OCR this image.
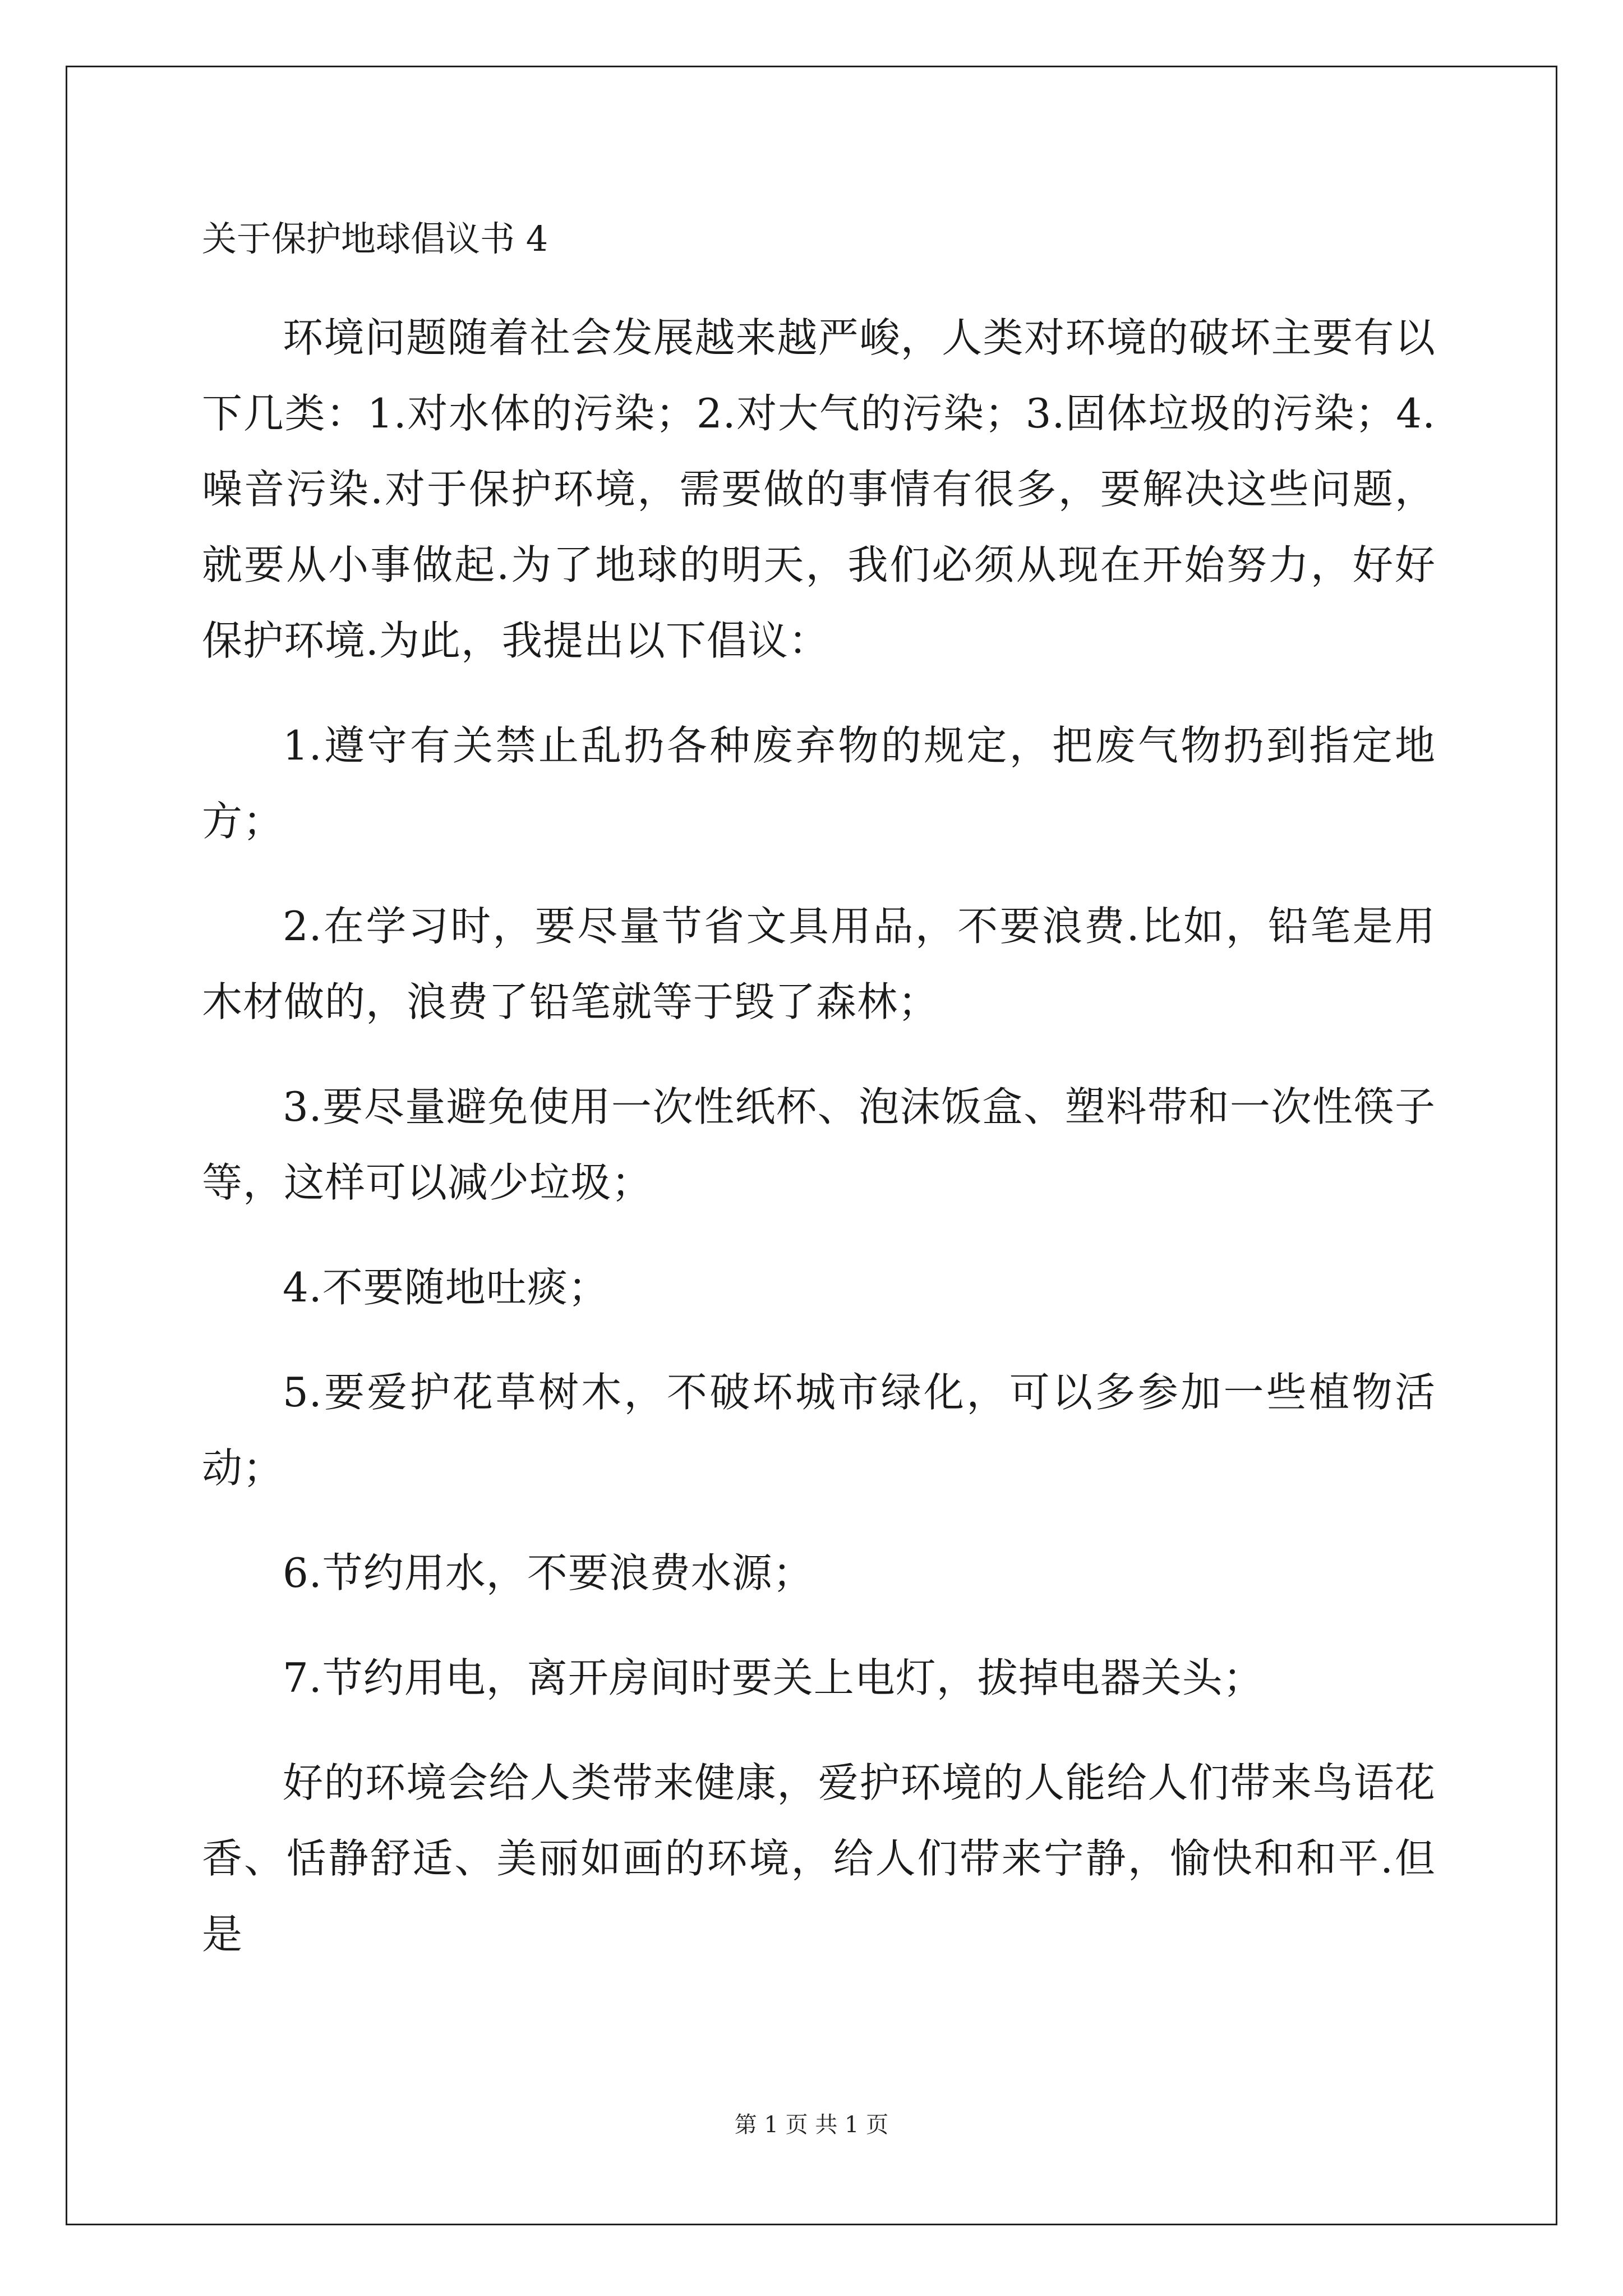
关于保护地球倡议书 4

环境问题随着社会发展越来越严峻，人类对环境的破坏主要有以下几类：1.对水体的污染；2.对大气的污染；3.固体垃圾的污染；4.噪音污染.对于保护环境，需要做的事情有很多，要解决这些问题，就要从小事做起.为了地球的明天，我们必须从现在开始努力，好好保护环境.为此，我提出以下倡议：

1.遵守有关禁止乱扔各种废弃物的规定，把废气物扔到指定地方；

2.在学习时，要尽量节省文具用品，不要浪费.比如，铅笔是用木材做的，浪费了铅笔就等于毁了森林；

3.要尽量避免使用一次性纸杯、泡沫饭盒、塑料带和一次性筷子等，这样可以减少垃圾；

4.不要随地吐痰；

5.要爱护花草树木，不破坏城市绿化，可以多参加一些植物活动；

6.节约用水，不要浪费水源；

7.节约用电，离开房间时要关上电灯，拔掉电器关头；

好的环境会给人类带来健康，爱护环境的人能给人们带来鸟语花香、恬静舒适、美丽如画的环境，给人们带来宁静，愉快和和平.但是

第 1 页 共 1 页
